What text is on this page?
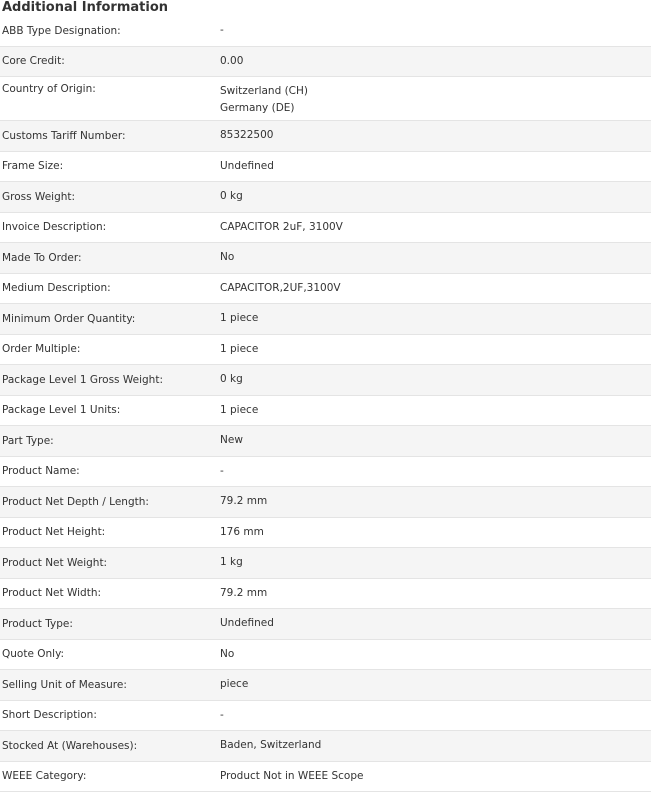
Additional Information
ABB Type Designation:	-
Core Credit:	0.00
Country of Origin:	Switzerland (CH)
Germany (DE)
Customs Tariff Number:	85322500
Frame Size:	Undefined
Gross Weight:	0 kg
Invoice Description:	CAPACITOR 2uF, 3100V
Made To Order:	No
Medium Description:	CAPACITOR,2UF,3100V
Minimum Order Quantity:	1 piece
Order Multiple:	1 piece
Package Level 1 Gross Weight:	0 kg
Package Level 1 Units:	1 piece
Part Type:	New
Product Name:	-
Product Net Depth / Length:	79.2 mm
Product Net Height:	176 mm
Product Net Weight:	1 kg
Product Net Width:	79.2 mm
Product Type:	Undefined
Quote Only:	No
Selling Unit of Measure:	piece
Short Description:	-
Stocked At (Warehouses):	Baden, Switzerland
WEEE Category:	Product Not in WEEE Scope
